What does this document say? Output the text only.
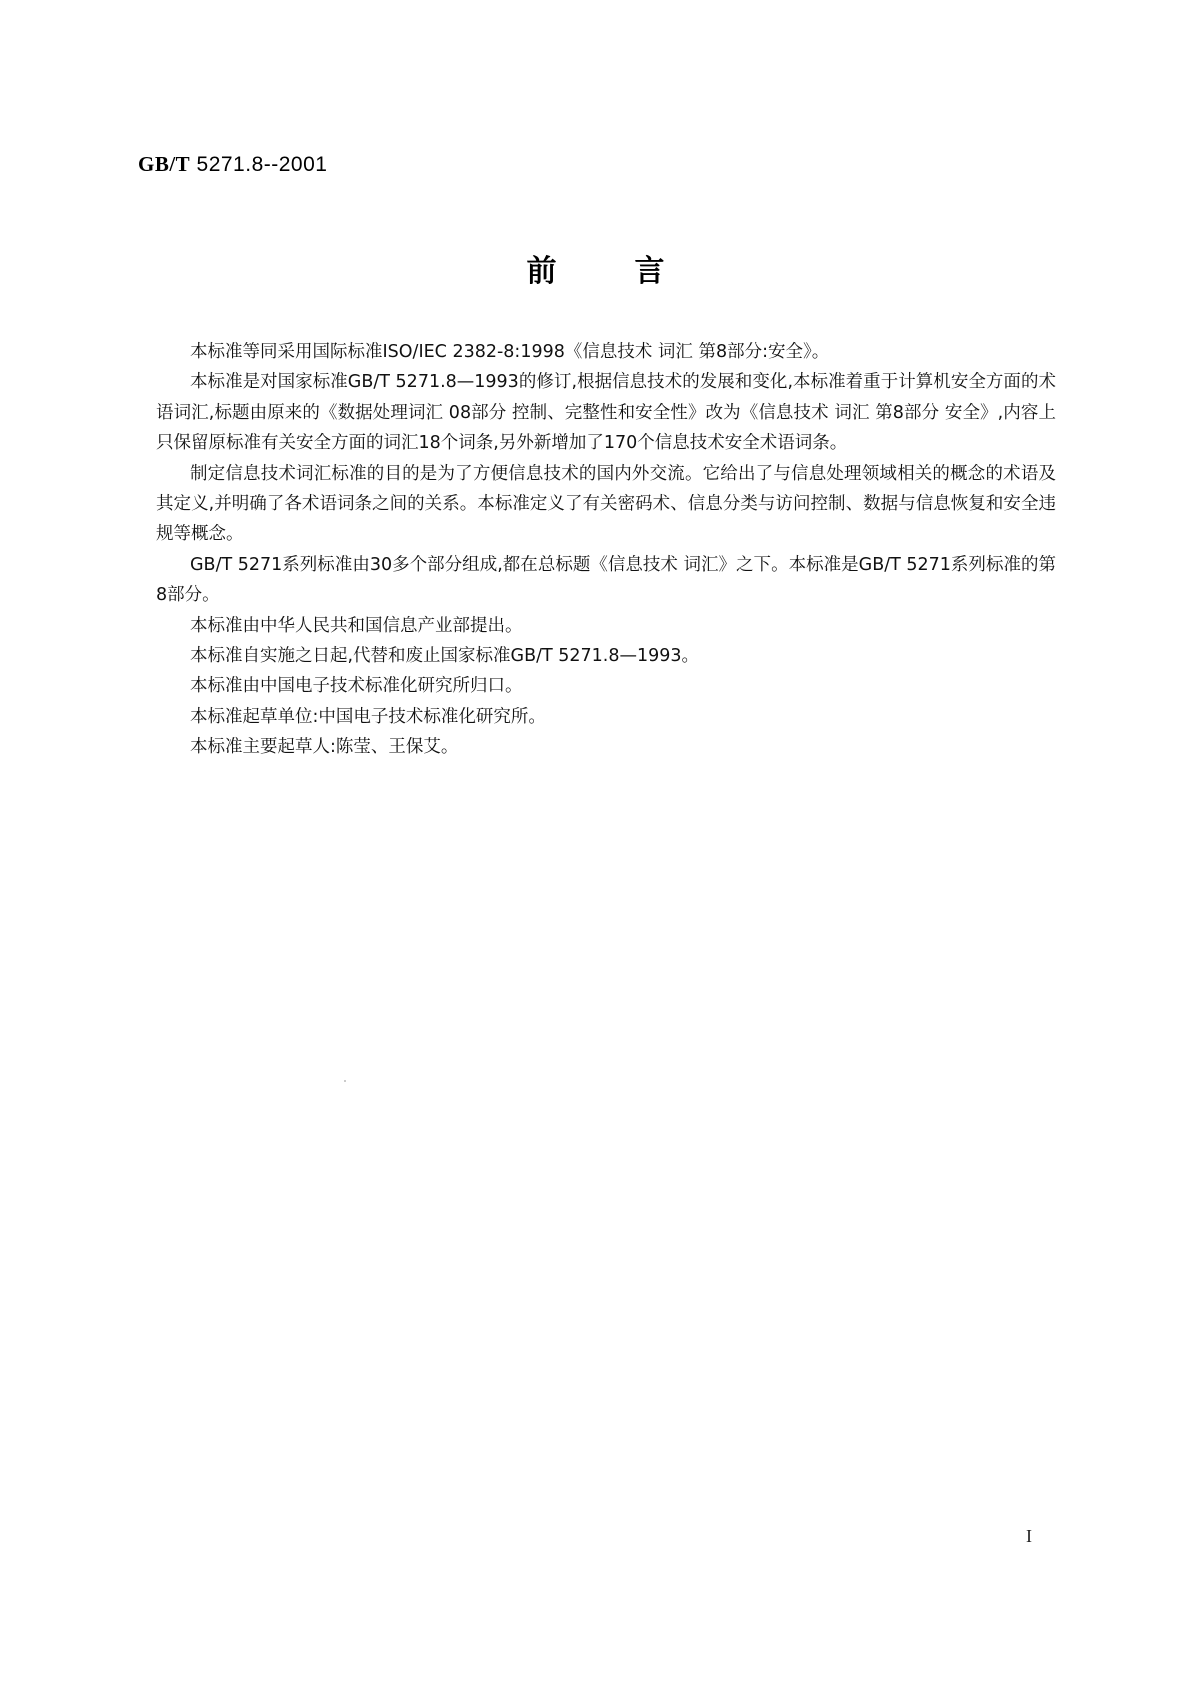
GB/T 5271.8--2001
前言

本标准等同采用国际标准ISO/IEC 2382-8:1998《信息技术 词汇 第8部分:安全》。

本标准是对国家标准GB/T 5271.8—1993的修订,根据信息技术的发展和变化,本标准着重于计算机安全方面的术语词汇,标题由原来的《数据处理词汇 08部分 控制、完整性和安全性》改为《信息技术 词汇 第8部分 安全》,内容上只保留原标准有关安全方面的词汇18个词条,另外新增加了170个信息技术安全术语词条。

制定信息技术词汇标准的目的是为了方便信息技术的国内外交流。它给出了与信息处理领域相关的概念的术语及其定义,并明确了各术语词条之间的关系。本标准定义了有关密码术、信息分类与访问控制、数据与信息恢复和安全违规等概念。

GB/T 5271系列标准由30多个部分组成,都在总标题《信息技术 词汇》之下。本标准是GB/T 5271系列标准的第8部分。

本标准由中华人民共和国信息产业部提出。

本标准自实施之日起,代替和废止国家标准GB/T 5271.8—1993。

本标准由中国电子技术标准化研究所归口。

本标准起草单位:中国电子技术标准化研究所。

本标准主要起草人:陈莹、王保艾。

I
